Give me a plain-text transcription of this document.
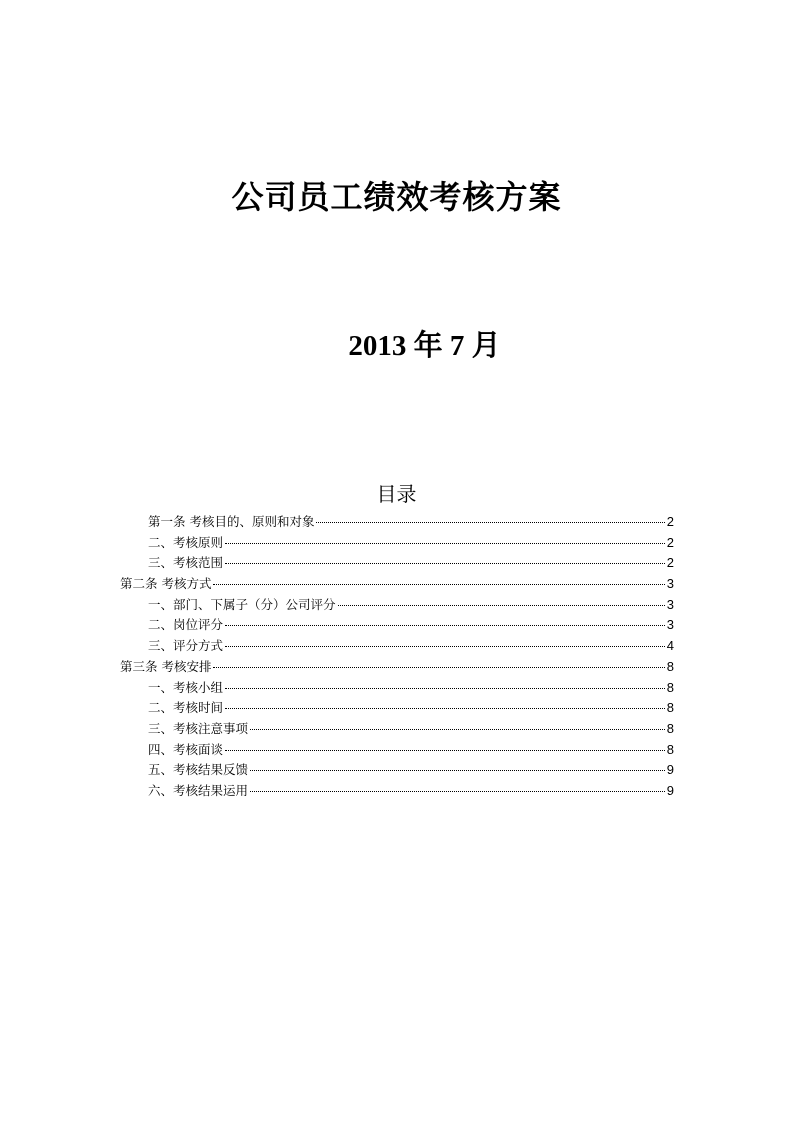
公司员工绩效考核方案
2013 年 7 月
目录
第一条 考核目的、原则和对象	2
二、考核原则	2
三、考核范围	2
第二条 考核方式	3
一、部门、下属子（分）公司评分	3
二、岗位评分	3
三、评分方式	4
第三条 考核安排	8
一、考核小组	8
二、考核时间	8
三、考核注意事项	8
四、考核面谈	8
五、考核结果反馈	9
六、考核结果运用	9
